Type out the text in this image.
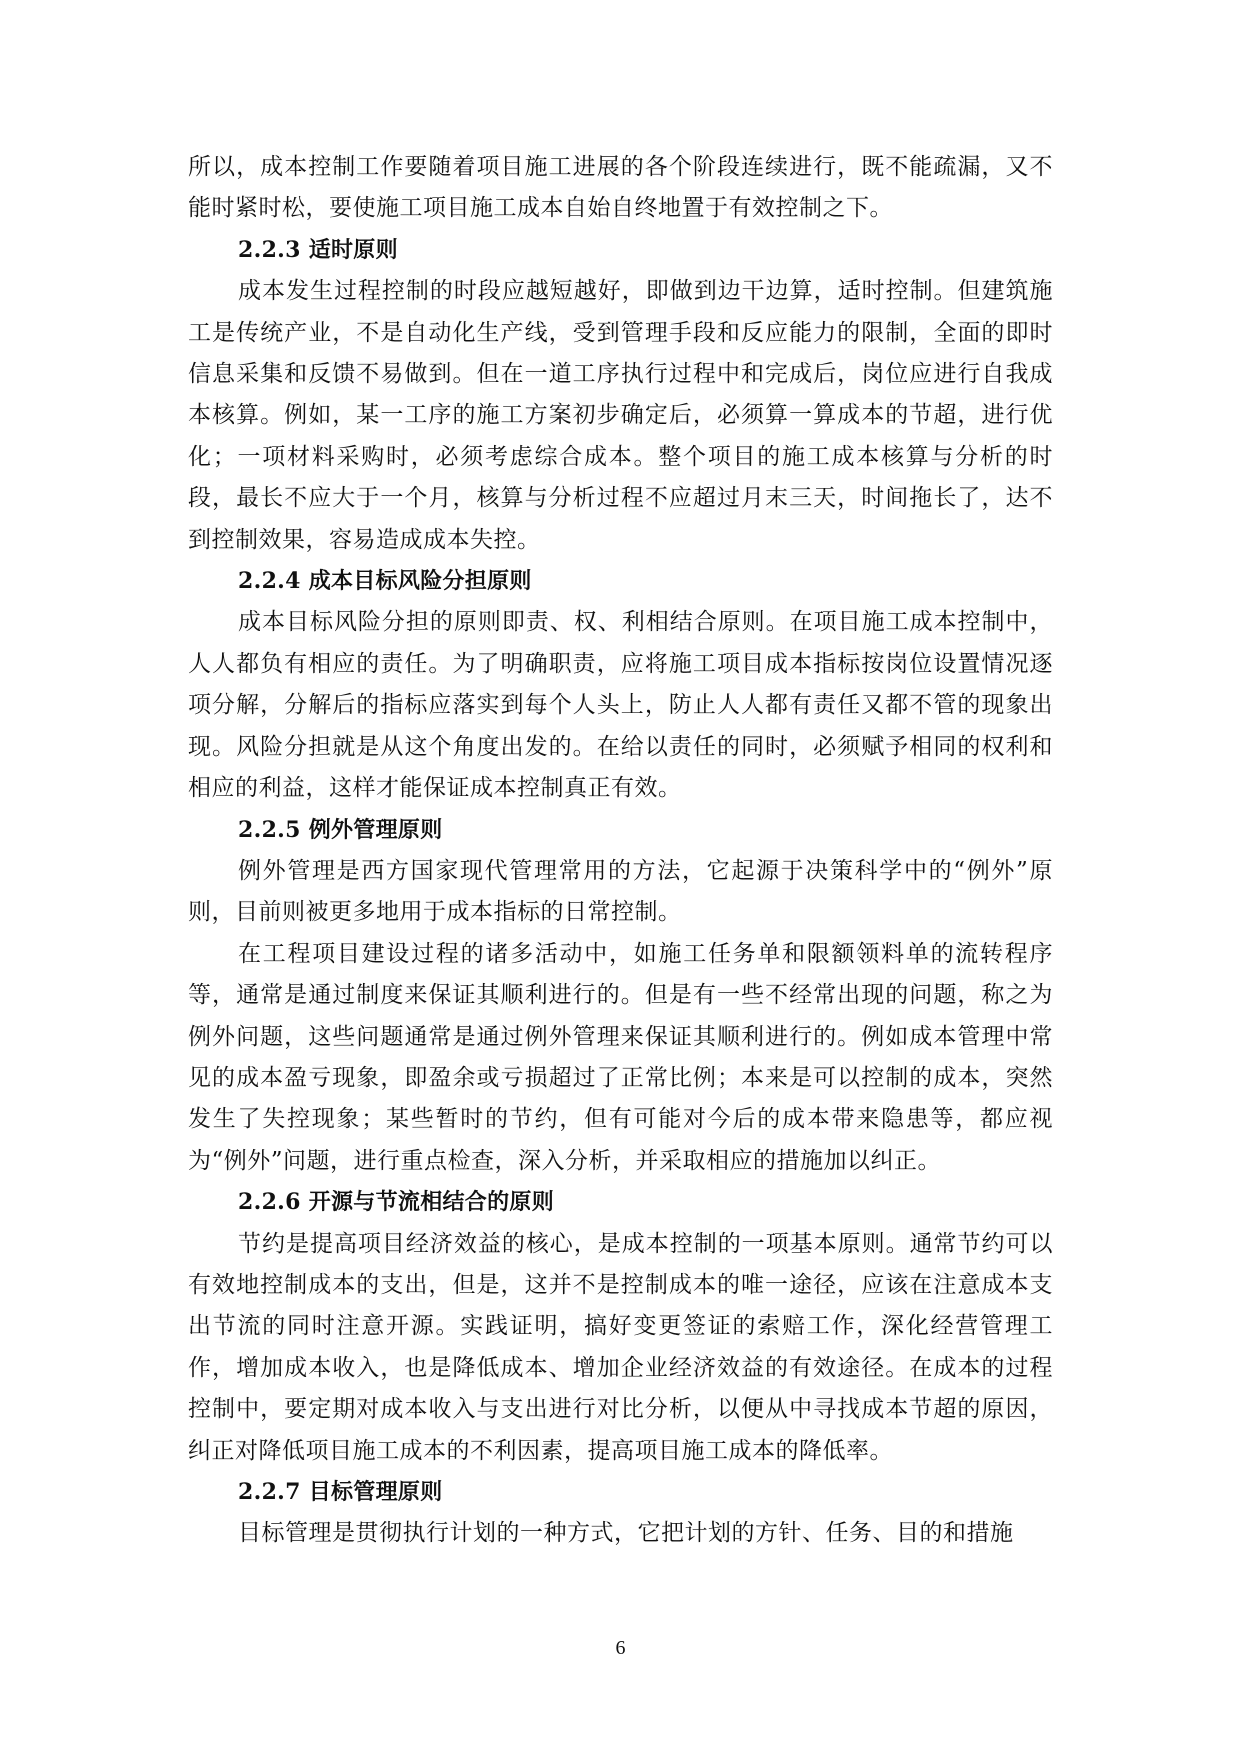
所以，成本控制工作要随着项目施工进展的各个阶段连续进行，既不能疏漏，又不能时紧时松，要使施工项目施工成本自始自终地置于有效控制之下。

2.2.3 适时原则

成本发生过程控制的时段应越短越好，即做到边干边算，适时控制。但建筑施工是传统产业，不是自动化生产线，受到管理手段和反应能力的限制，全面的即时信息采集和反馈不易做到。但在一道工序执行过程中和完成后，岗位应进行自我成本核算。例如，某一工序的施工方案初步确定后，必须算一算成本的节超，进行优化；一项材料采购时，必须考虑综合成本。整个项目的施工成本核算与分析的时段，最长不应大于一个月，核算与分析过程不应超过月末三天，时间拖长了，达不到控制效果，容易造成成本失控。

2.2.4 成本目标风险分担原则

成本目标风险分担的原则即责、权、利相结合原则。在项目施工成本控制中，人人都负有相应的责任。为了明确职责，应将施工项目成本指标按岗位设置情况逐项分解，分解后的指标应落实到每个人头上，防止人人都有责任又都不管的现象出现。风险分担就是从这个角度出发的。在给以责任的同时，必须赋予相同的权利和相应的利益，这样才能保证成本控制真正有效。

2.2.5 例外管理原则

例外管理是西方国家现代管理常用的方法，它起源于决策科学中的“例外”原则，目前则被更多地用于成本指标的日常控制。

在工程项目建设过程的诸多活动中，如施工任务单和限额领料单的流转程序等，通常是通过制度来保证其顺利进行的。但是有一些不经常出现的问题，称之为例外问题，这些问题通常是通过例外管理来保证其顺利进行的。例如成本管理中常见的成本盈亏现象，即盈余或亏损超过了正常比例；本来是可以控制的成本，突然发生了失控现象；某些暂时的节约，但有可能对今后的成本带来隐患等，都应视为“例外”问题，进行重点检查，深入分析，并采取相应的措施加以纠正。

2.2.6 开源与节流相结合的原则

节约是提高项目经济效益的核心，是成本控制的一项基本原则。通常节约可以有效地控制成本的支出，但是，这并不是控制成本的唯一途径，应该在注意成本支出节流的同时注意开源。实践证明，搞好变更签证的索赔工作，深化经营管理工作，增加成本收入，也是降低成本、增加企业经济效益的有效途径。在成本的过程控制中，要定期对成本收入与支出进行对比分析，以便从中寻找成本节超的原因，纠正对降低项目施工成本的不利因素，提高项目施工成本的降低率。

2.2.7 目标管理原则

目标管理是贯彻执行计划的一种方式，它把计划的方针、任务、目的和措施

6
